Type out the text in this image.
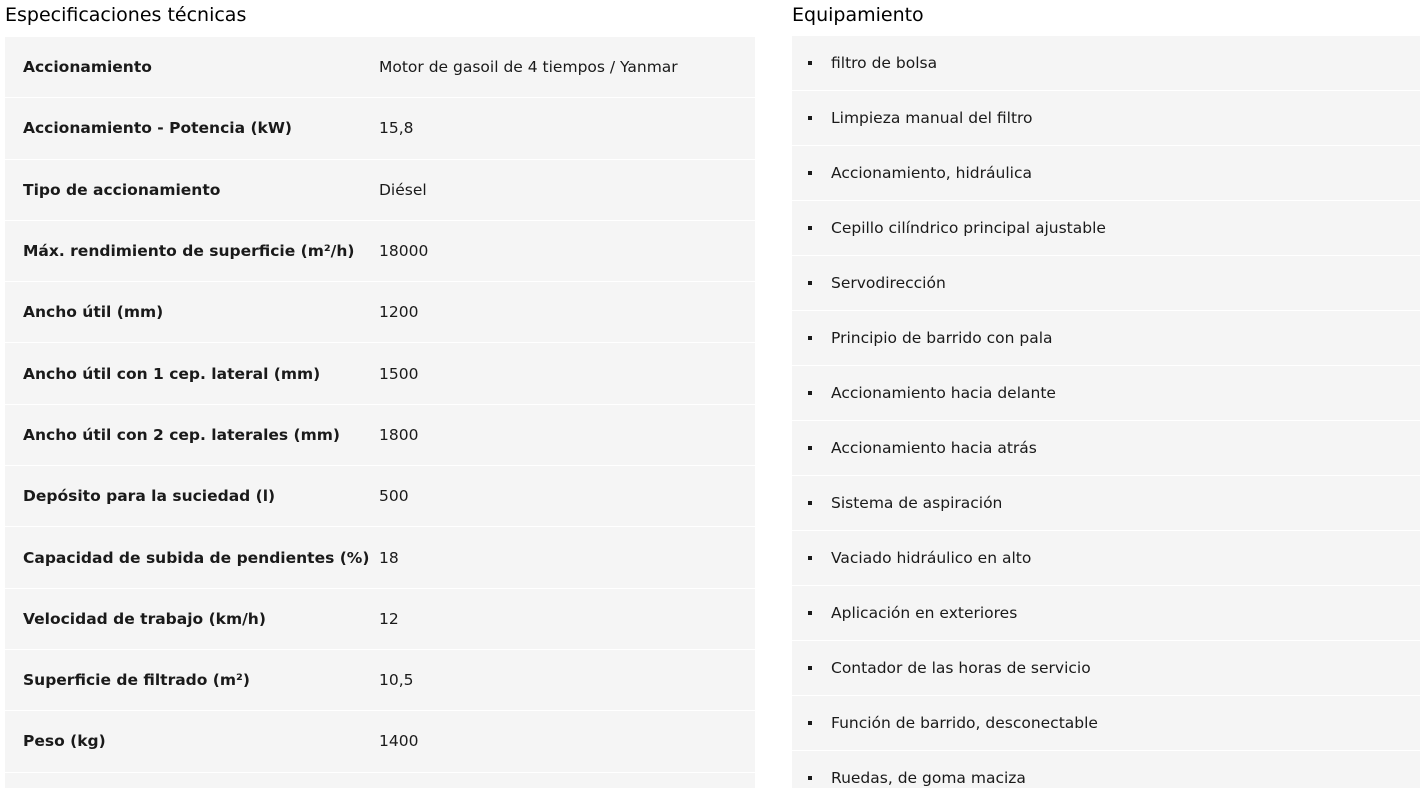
Especificaciones técnicas
Accionamiento	Motor de gasoil de 4 tiempos / Yanmar
Accionamiento - Potencia (kW)	15,8
Tipo de accionamiento	Diésel
Máx. rendimiento de superficie (m²/h)	18000
Ancho útil (mm)	1200
Ancho útil con 1 cep. lateral (mm)	1500
Ancho útil con 2 cep. laterales (mm)	1800
Depósito para la suciedad (l)	500
Capacidad de subida de pendientes (%) 18
Velocidad de trabajo (km/h)	12
Superficie de filtrado (m²)	10,5
Peso (kg)	1400
Equipamiento
filtro de bolsa
Limpieza manual del filtro
Accionamiento, hidráulica
Cepillo cilíndrico principal ajustable
Servodirección
Principio de barrido con pala
Accionamiento hacia delante
Accionamiento hacia atrás
Sistema de aspiración
Vaciado hidráulico en alto
Aplicación en exteriores
Contador de las horas de servicio
Función de barrido, desconectable
Ruedas, de goma maciza
